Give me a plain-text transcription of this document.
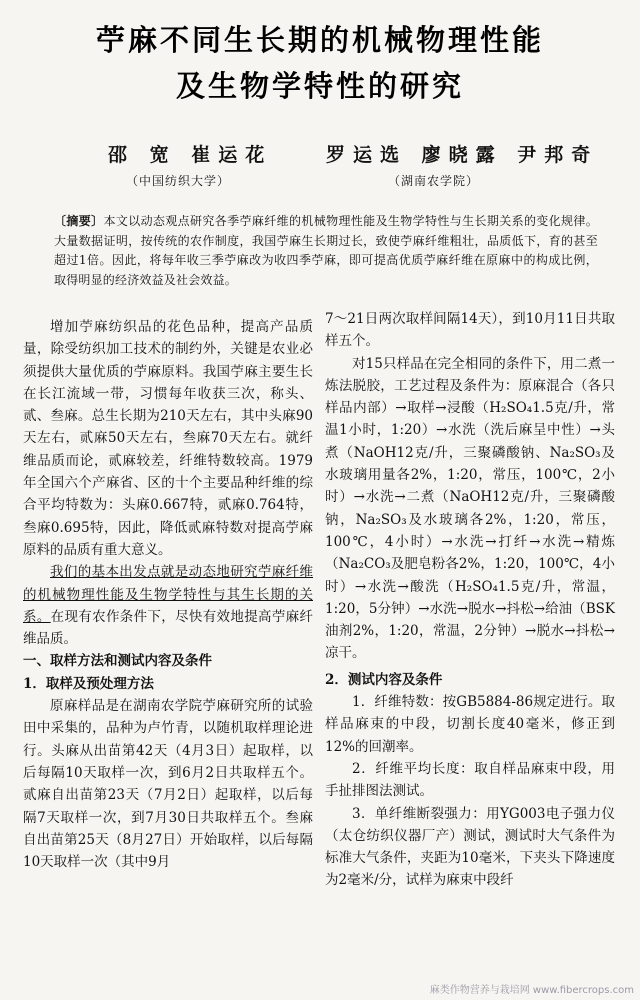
苧麻不同生长期的机械物理性能
及生物学特性的研究
邵 宽 崔运花
（中国纺织大学）
罗运选 廖晓露 尹邦奇
（湖南农学院）
〔摘要〕本文以动态观点研究各季苧麻纤维的机械物理性能及生物学特性与生长期关系的变化规律。大量数据证明，按传统的农作制度，我国苧麻生长期过长，致使苧麻纤维粗壮，品质低下，育的甚至超过1倍。因此，将每年收三季苧麻改为收四季苧麻，即可提高优质苧麻纤维在原麻中的构成比例，取得明显的经济效益及社会效益。

增加苧麻纺织品的花色品种，提高产品质量，除受纺织加工技术的制约外，关键是农业必须提供大量优质的苧麻原料。我国苧麻主要生长在长江流域一带，习惯每年收获三次，称头、贰、叁麻。总生长期为210天左右，其中头麻90天左右，贰麻50天左右，叁麻70天左右。就纤维品质而论，贰麻较差，纤维特数较高。1979年全国六个产麻省、区的十个主要品种纤维的综合平均特数为：头麻0.667特，贰麻0.764特，叁麻0.695特，因此，降低贰麻特数对提高苧麻原料的品质有重大意义。

我们的基本出发点就是动态地研究苧麻纤维的机械物理性能及生物学特性与其生长期的关系。在现有农作条件下，尽快有效地提高苧麻纤维品质。

一、取样方法和测试内容及条件

1．取样及预处理方法

原麻样品是在湖南农学院苧麻研究所的试验田中采集的，品种为卢竹青，以随机取样理论进行。头麻从出苗第42天（4月3日）起取样，以后每隔10天取样一次，到6月2日共取样五个。贰麻自出苗第23天（7月2日）起取样，以后每隔7天取样一次，到7月30日共取样五个。叁麻自出苗第25天（8月27日）开始取样，以后每隔10天取样一次（其中9月

7～21日两次取样间隔14天），到10月11日共取样五个。

对15只样品在完全相同的条件下，用二煮一炼法脱胶，工艺过程及条件为：原麻混合（各只样品内部）→取样→浸酸（H₂SO₄1.5克/升，常温1小时，1:20）→水洗（洗后麻呈中性）→头煮（NaOH12克/升，三聚磷酸钠、Na₂SO₃及水玻璃用量各2%，1:20，常压，100℃，2小时）→水洗→二煮（NaOH12克/升，三聚磷酸钠，Na₂SO₃及水玻璃各2%，1:20，常压，100℃，4小时）→水洗→打纤→水洗→精炼（Na₂CO₃及肥皂粉各2%，1:20，100℃，4小时）→水洗→酸洗（H₂SO₄1.5克/升，常温，1:20，5分钟）→水洗→脱水→抖松→给油（BSK油剂2%，1:20，常温，2分钟）→脱水→抖松→凉干。

2．测试内容及条件

1．纤维特数：按GB5884-86规定进行。取样品麻束的中段，切割长度40毫米，修正到12%的回潮率。

2．纤维平均长度：取自样品麻束中段，用手扯排图法测试。

3．单纤维断裂强力：用YG003电子强力仪（太仓纺织仪器厂产）测试，测试时大气条件为标准大气条件，夹距为10毫米，下夹头下降速度为2毫米/分，试样为麻束中段纤

麻类作物营养与栽培网 www.fibercrops.com
